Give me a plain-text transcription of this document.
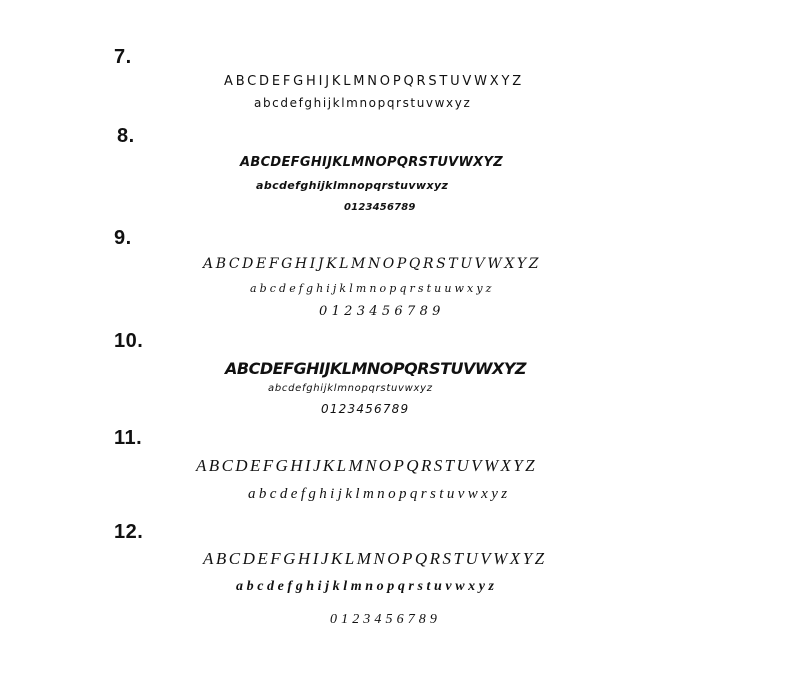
7.
ABCDEFGHIJKLMNOPQRSTUVWXYZ
abcdefghijklmnopqrstuvwxyz
8.
ABCDEFGHIJKLMNOPQRSTUVWXYZ
abcdefghijklmnopqrstuvwxyz
0123456789
9.
ABCDEFGHIJKLMNOPQRSTUVWXYZ
abcdefghijklmnopqrstuuwxyz
0123456789
10.
ABCDEFGHIJKLMNOPQRSTUVWXYZ
abcdefghijklmnopqrstuvwxyz
0123456789
11.
ABCDEFGHIJKLMNOPQRSTUVWXYZ
abcdefghijklmnopqrstuvwxyz
12.
ABCDEFGHIJKLMNOPQRSTUVWXYZ
abcdefghijklmnopqrstuvwxyz
0123456789
